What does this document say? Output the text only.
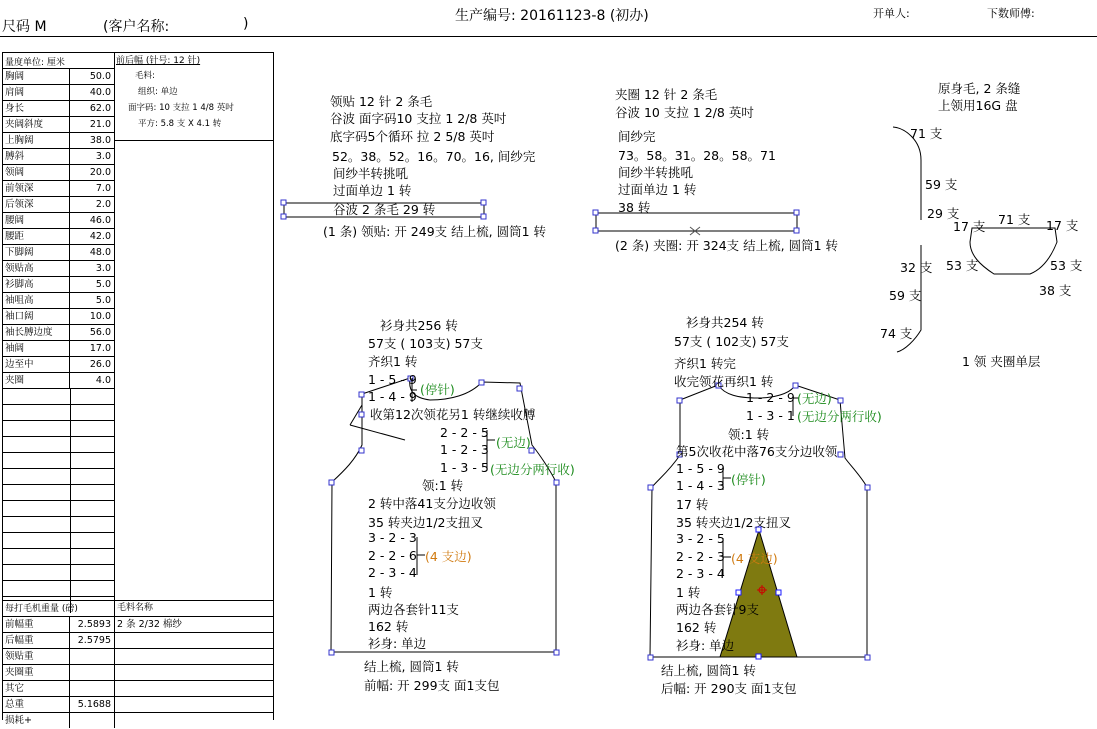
尺码 M	(客户名称:	)	生产编号: 20161123-8 (初办)	开单人:	下数师傅:
量度单位: 厘米	前后幅 (针号: 12 针)
毛料:
组织: 单边
面字码: 10 支拉 1 4/8 英吋
平方: 5.8 支 X 4.1 转
胸阔	50.0
肩阔	40.0
身长	62.0
夹阔斜度	21.0
上胸阔	38.0
膊斜	3.0
领阔	20.0
前领深	7.0
后领深	2.0
腰阔	46.0
腰距	42.0
下脚阔	48.0
领贴高	3.0
衫脚高	5.0
袖咀高	5.0
袖口阔	10.0
袖长膊边度	56.0
袖阔	17.0
边至中	26.0
夹圈	4.0
每打毛机重量 (磅)	毛料名称
前幅重	2.5893 2 条 2/32 棉纱
后幅重	2.5795
领贴重
夹圈重
其它
总重	5.1688
损耗+
领贴 12 针 2 条毛
谷波 面字码10 支拉 1 2/8 英吋
底字码5个循环 拉 2 5/8 英吋
52。38。52。16。70。16, 间纱完
间纱半转挑吼
过面单边 1 转
谷波 2 条毛 29 转
(1 条) 领贴: 开 249支 结上梳, 圆筒1 转
夹圈 12 针 2 条毛
谷波 10 支拉 1 2/8 英吋
间纱完
73。58。31。28。58。71
间纱半转挑吼
过面单边 1 转
38 转
(2 条) 夹圈: 开 324支 结上梳, 圆筒1 转
原身毛, 2 条缝
上领用16G 盘
71 支
59 支
29 支
17 支 71 支 17 支
32 支 53 支	53 支
38 支
59 支
74 支
1 领 夹圈单层
衫身共256 转
57支 ( 103支) 57支
齐织1 转
1 - 5 - 9
1 - 4 - 9 (停针)
收第12次领花另1 转继续收膊
2 - 2 - 5
1 - 2 - 3
1 - 3 - 5
(无边)
(无边分两行收)
领:1 转
2 转中落41支分边收领
35 转夹边1/2支扭叉
3 - 2 - 3
2 - 2 - 6
2 - 3 - 4
(4 支边)
1 转
两边各套针11支
162 转
衫身: 单边
结上梳, 圆筒1 转
前幅: 开 299支 面1支包
衫身共254 转
57支 ( 102支) 57支
齐织1 转完
收完领花再织1 转
1 - 2 - 9 (无边)
1 - 3 - 1 (无边分两行收)
领:1 转
第5次收花中落76支分边收领
1 - 5 - 9
1 - 4 - 3 (停针)
17 转
35 转夹边1/2支扭叉
3 - 2 - 5
2 - 2 - 3
2 - 3 - 4
(4 支边)
1 转
两边各套针9支
162 转
衫身: 单边
结上梳, 圆筒1 转
后幅: 开 290支 面1支包
